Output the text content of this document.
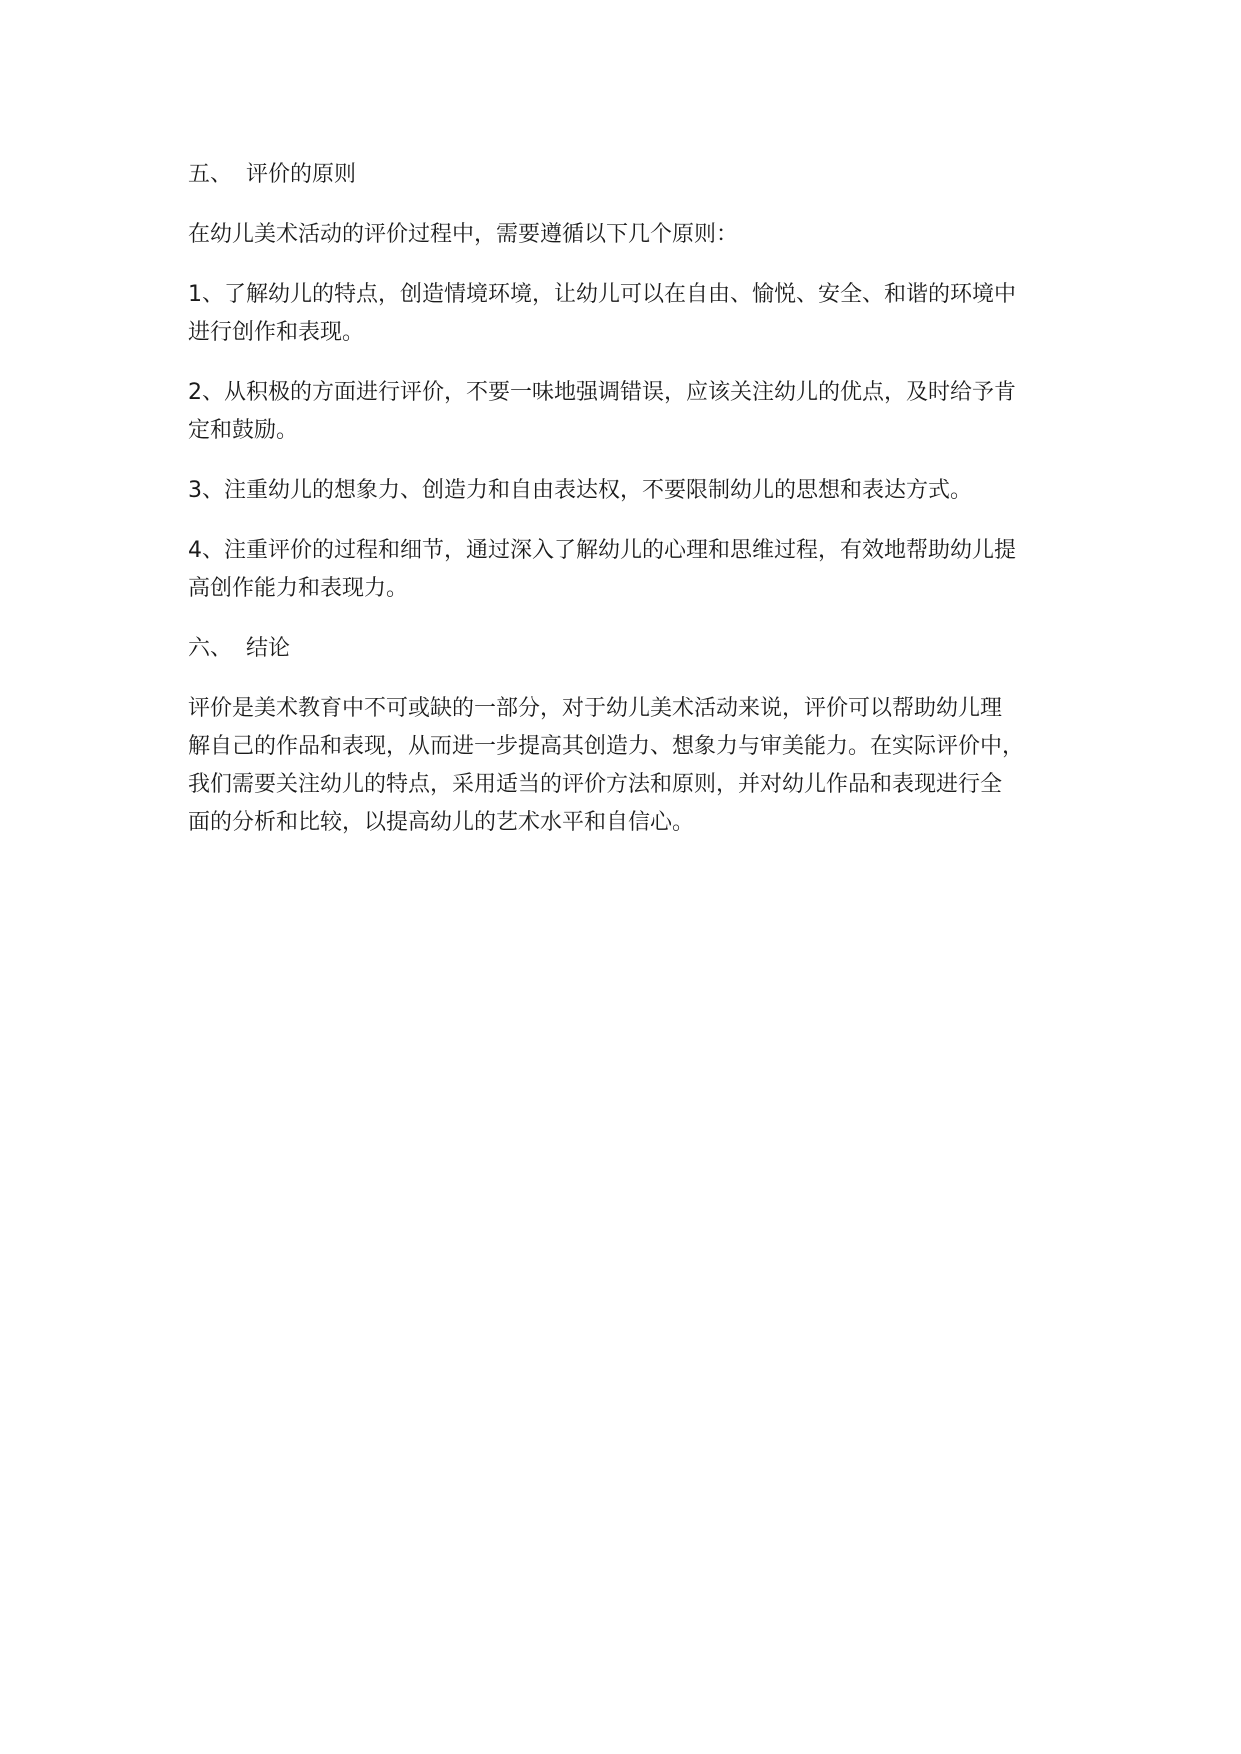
五、 评价的原则
在幼儿美术活动的评价过程中，需要遵循以下几个原则：
1、了解幼儿的特点，创造情境环境，让幼儿可以在自由、愉悦、安全、和谐的环境中
进行创作和表现。
2、从积极的方面进行评价，不要一味地强调错误，应该关注幼儿的优点，及时给予肯
定和鼓励。
3、注重幼儿的想象力、创造力和自由表达权，不要限制幼儿的思想和表达方式。
4、注重评价的过程和细节，通过深入了解幼儿的心理和思维过程，有效地帮助幼儿提
高创作能力和表现力。
六、 结论
评价是美术教育中不可或缺的一部分，对于幼儿美术活动来说，评价可以帮助幼儿理
解自己的作品和表现，从而进一步提高其创造力、想象力与审美能力。在实际评价中，
我们需要关注幼儿的特点，采用适当的评价方法和原则，并对幼儿作品和表现进行全
面的分析和比较，以提高幼儿的艺术水平和自信心。
